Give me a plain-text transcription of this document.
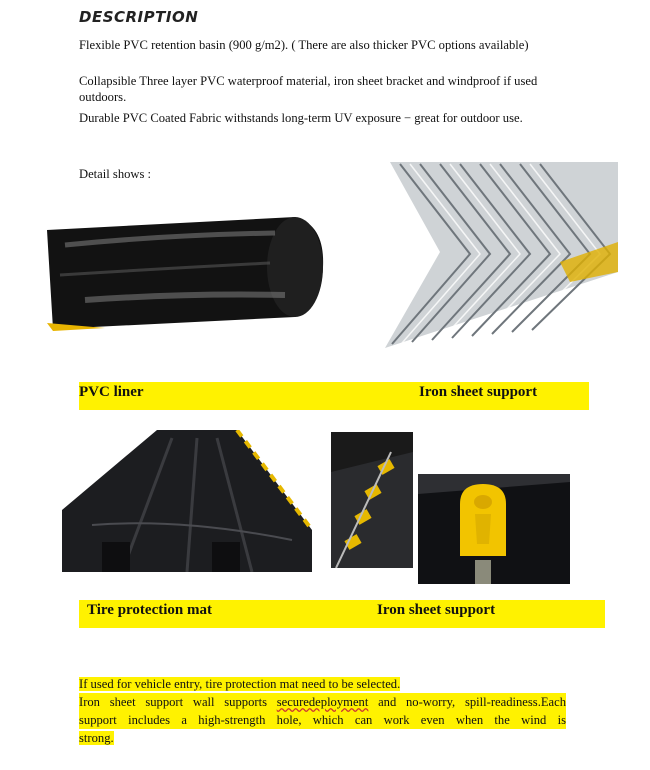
DESCRIPTION
Flexible PVC retention basin (900 g/m2). ( There are also thicker PVC options available)
Collapsible Three layer PVC waterproof material, iron sheet bracket and windproof if used outdoors.
Durable PVC Coated Fabric withstands long-term UV exposure − great for outdoor use.
Detail shows :
PVC liner	Iron sheet support
Tire protection mat	Iron sheet support
If used for vehicle entry, tire protection mat need to be selected.
Iron sheet support wall supports securedeployment and no-worry, spill-readiness.Each
support includes a high-strength hole, which can work even when the wind is
strong.
